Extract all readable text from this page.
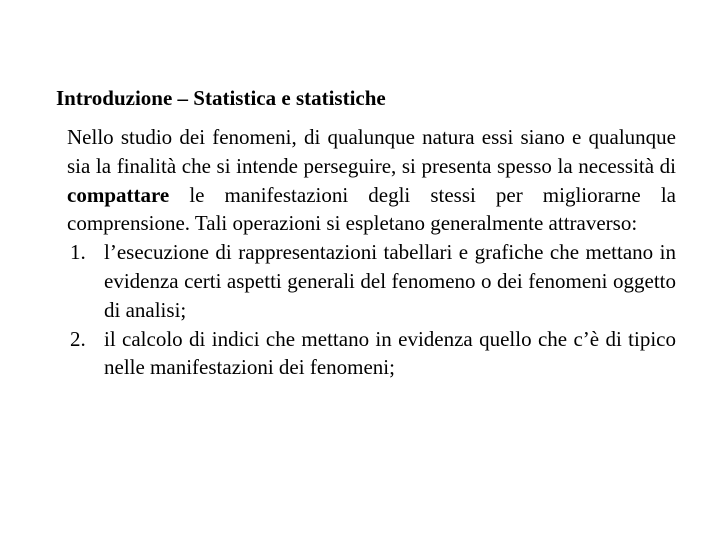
Introduzione – Statistica e statistiche

Nello studio dei fenomeni, di qualunque natura essi siano e qualunque sia la finalità che si intende perseguire, si presenta spesso la necessità di compattare le manifestazioni degli stessi per migliorarne la comprensione. Tali operazioni si espletano generalmente attraverso:

1. l’esecuzione di rappresentazioni tabellari e grafiche che mettano in evidenza certi aspetti generali del fenomeno o dei fenomeni oggetto di analisi;
2. il calcolo di indici che mettano in evidenza quello che c’è di tipico nelle manifestazioni dei fenomeni;
